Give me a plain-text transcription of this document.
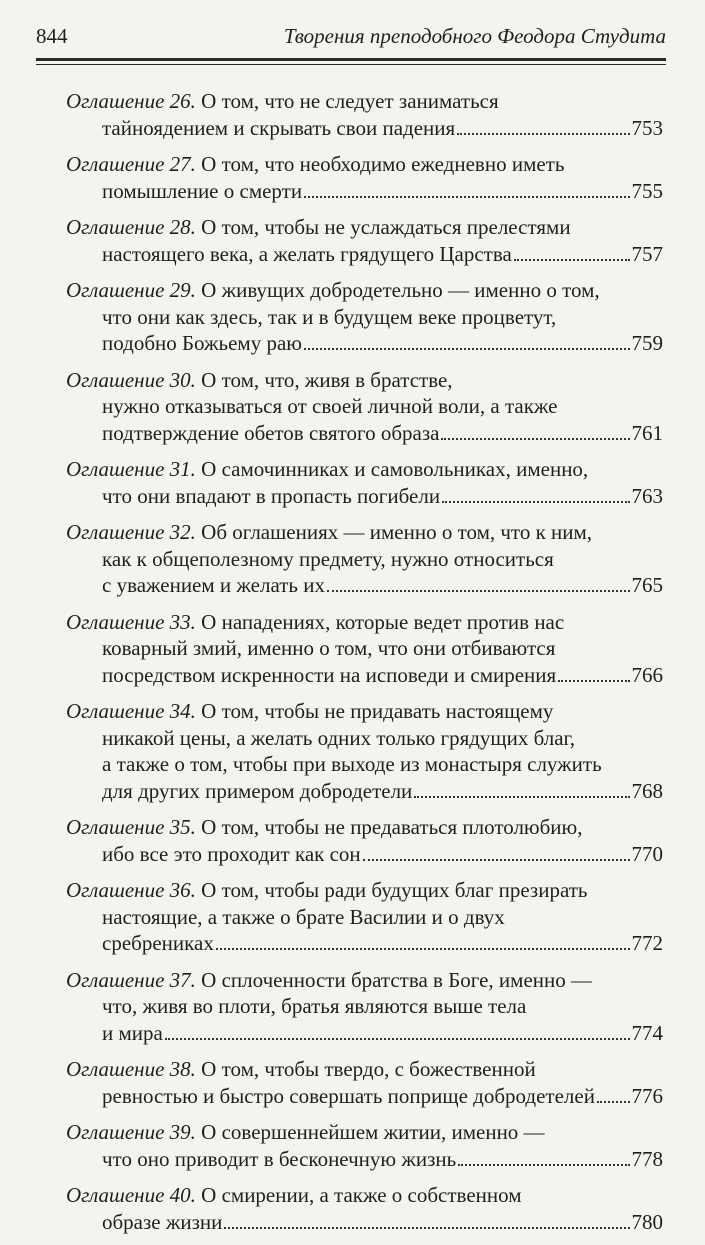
844	Творения преподобного Феодора Студита
Оглашение 26. О том, что не следует заниматься
тайноядением и скрывать свои падения	753
Оглашение 27. О том, что необходимо ежедневно иметь
помышление о смерти	755
Оглашение 28. О том, чтобы не услаждаться прелестями
настоящего века, а желать грядущего Царства	757
Оглашение 29. О живущих добродетельно — именно о том,
что они как здесь, так и в будущем веке процветут,
подобно Божьему раю	759
Оглашение 30. О том, что, живя в братстве,
нужно отказываться от своей личной воли, а также
подтверждение обетов святого образа	761
Оглашение 31. О самочинниках и самовольниках, именно,
что они впадают в пропасть погибели	763
Оглашение 32. Об оглашениях — именно о том, что к ним,
как к общеполезному предмету, нужно относиться
с уважением и желать их	765
Оглашение 33. О нападениях, которые ведет против нас
коварный змий, именно о том, что они отбиваются
посредством искренности на исповеди и смирения	766
Оглашение 34. О том, чтобы не придавать настоящему
никакой цены, а желать одних только грядущих благ,
а также о том, чтобы при выходе из монастыря служить
для других примером добродетели	768
Оглашение 35. О том, чтобы не предаваться плотолюбию,
ибо все это проходит как сон	770
Оглашение 36. О том, чтобы ради будущих благ презирать
настоящие, а также о брате Василии и о двух
сребрениках	772
Оглашение 37. О сплоченности братства в Боге, именно —
что, живя во плоти, братья являются выше тела
и мира	774
Оглашение 38. О том, чтобы твердо, с божественной
ревностью и быстро совершать поприще добродетелей 776
Оглашение 39. О совершеннейшем житии, именно —
что оно приводит в бесконечную жизнь	778
Оглашение 40. О смирении, а также о собственном
образе жизни	780
